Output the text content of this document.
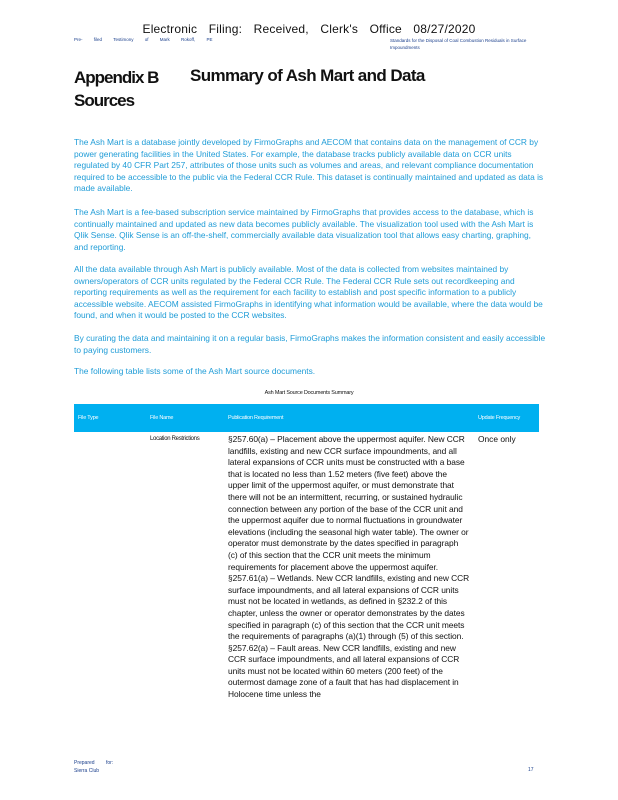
Electronic Filing: Received, Clerk's Office 08/27/2020
Pre- filed Testimony	of Mark	Rokoff,	PE	Standards for the Disposal of Coal Combustion Residuals in Surface Impoundments
Appendix B
Sources
Summary of Ash Mart and Data

The Ash Mart is a database jointly developed by FirmoGraphs and AECOM that contains data on the management of CCR by power generating facilities in the United States. For example, the database tracks publicly available data on CCR units regulated by 40 CFR Part 257, attributes of those units such as volumes and areas, and relevant compliance documentation required to be accessible to the public via the Federal CCR Rule. This dataset is continually maintained and updated as data is made available.

The Ash Mart is a fee-based subscription service maintained by FirmoGraphs that provides access to the database, which is continually maintained and updated as new data becomes publicly available. The visualization tool used with the Ash Mart is Qlik Sense. Qlik Sense is an off-the-shelf, commercially available data visualization tool that allows easy charting, graphing, and reporting.

All the data available through Ash Mart is publicly available. Most of the data is collected from websites maintained by owners/operators of CCR units regulated by the Federal CCR Rule. The Federal CCR Rule sets out recordkeeping and reporting requirements as well as the requirement for each facility to establish and post specific information to a publicly accessible website. AECOM assisted FirmoGraphs in identifying what information would be available, where the data would be found, and when it would be posted to the CCR websites.

By curating the data and maintaining it on a regular basis, FirmoGraphs makes the information consistent and easily accessible to paying customers.

The following table lists some of the Ash Mart source documents.

Ash Mart Source Documents Summary
File Type	File Name	Publication Requirement	Update Frequency
	Location Restrictions	§257.60(a) – Placement above the uppermost aquifer. New CCR landfills, existing and new CCR surface impoundments, and all lateral expansions of CCR units must be constructed with a base that is located no less than 1.52 meters (five feet) above the upper limit of the uppermost aquifer, or must demonstrate that there will not be an intermittent, recurring, or sustained hydraulic connection between any portion of the base of the CCR unit and the uppermost aquifer due to normal fluctuations in groundwater elevations (including the seasonal high water table). The owner or operator must demonstrate by the dates specified in paragraph (c) of this section that the CCR unit meets the minimum requirements for placement above the uppermost aquifer.
§257.61(a) – Wetlands. New CCR landfills, existing and new CCR surface impoundments, and all lateral expansions of CCR units must not be located in wetlands, as defined in §232.2 of this chapter, unless the owner or operator demonstrates by the dates specified in paragraph (c) of this section that the CCR unit meets the requirements of paragraphs (a)(1) through (5) of this section.
§257.62(a) – Fault areas. New CCR landfills, existing and new CCR surface impoundments, and all lateral expansions of CCR units must not be located within 60 meters (200 feet) of the outermost damage zone of a fault that has had displacement in Holocene time unless the	Once only
Prepared for:
Sierra Club	17
